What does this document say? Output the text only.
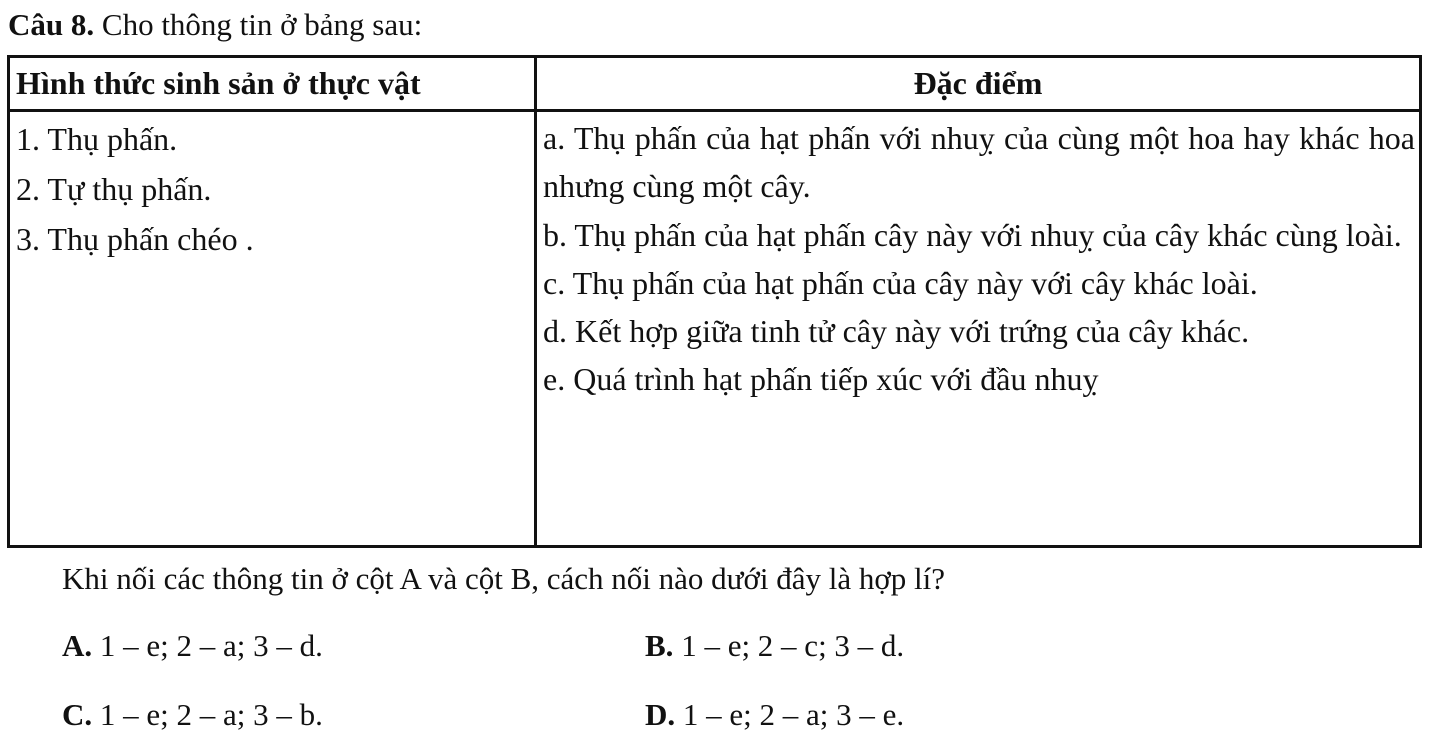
Câu 8. Cho thông tin ở bảng sau:
Hình thức sinh sản ở thực vật	Đặc điểm
1. Thụ phấn.
2. Tự thụ phấn.
3. Thụ phấn chéo .
a. Thụ phấn của hạt phấn với nhuỵ của cùng một hoa hay khác hoa nhưng cùng một cây.
b. Thụ phấn của hạt phấn cây này với nhuỵ của cây khác cùng loài.
c. Thụ phấn của hạt phấn của cây này với cây khác loài.
d. Kết hợp giữa tinh tử cây này với trứng của cây khác.
e. Quá trình hạt phấn tiếp xúc với đầu nhuỵ
Khi nối các thông tin ở cột A và cột B, cách nối nào dưới đây là hợp lí?
A. 1 – e; 2 – a; 3 – d.	B. 1 – e; 2 – c; 3 – d.
C. 1 – e; 2 – a; 3 – b.	D. 1 – e; 2 – a; 3 – e.
